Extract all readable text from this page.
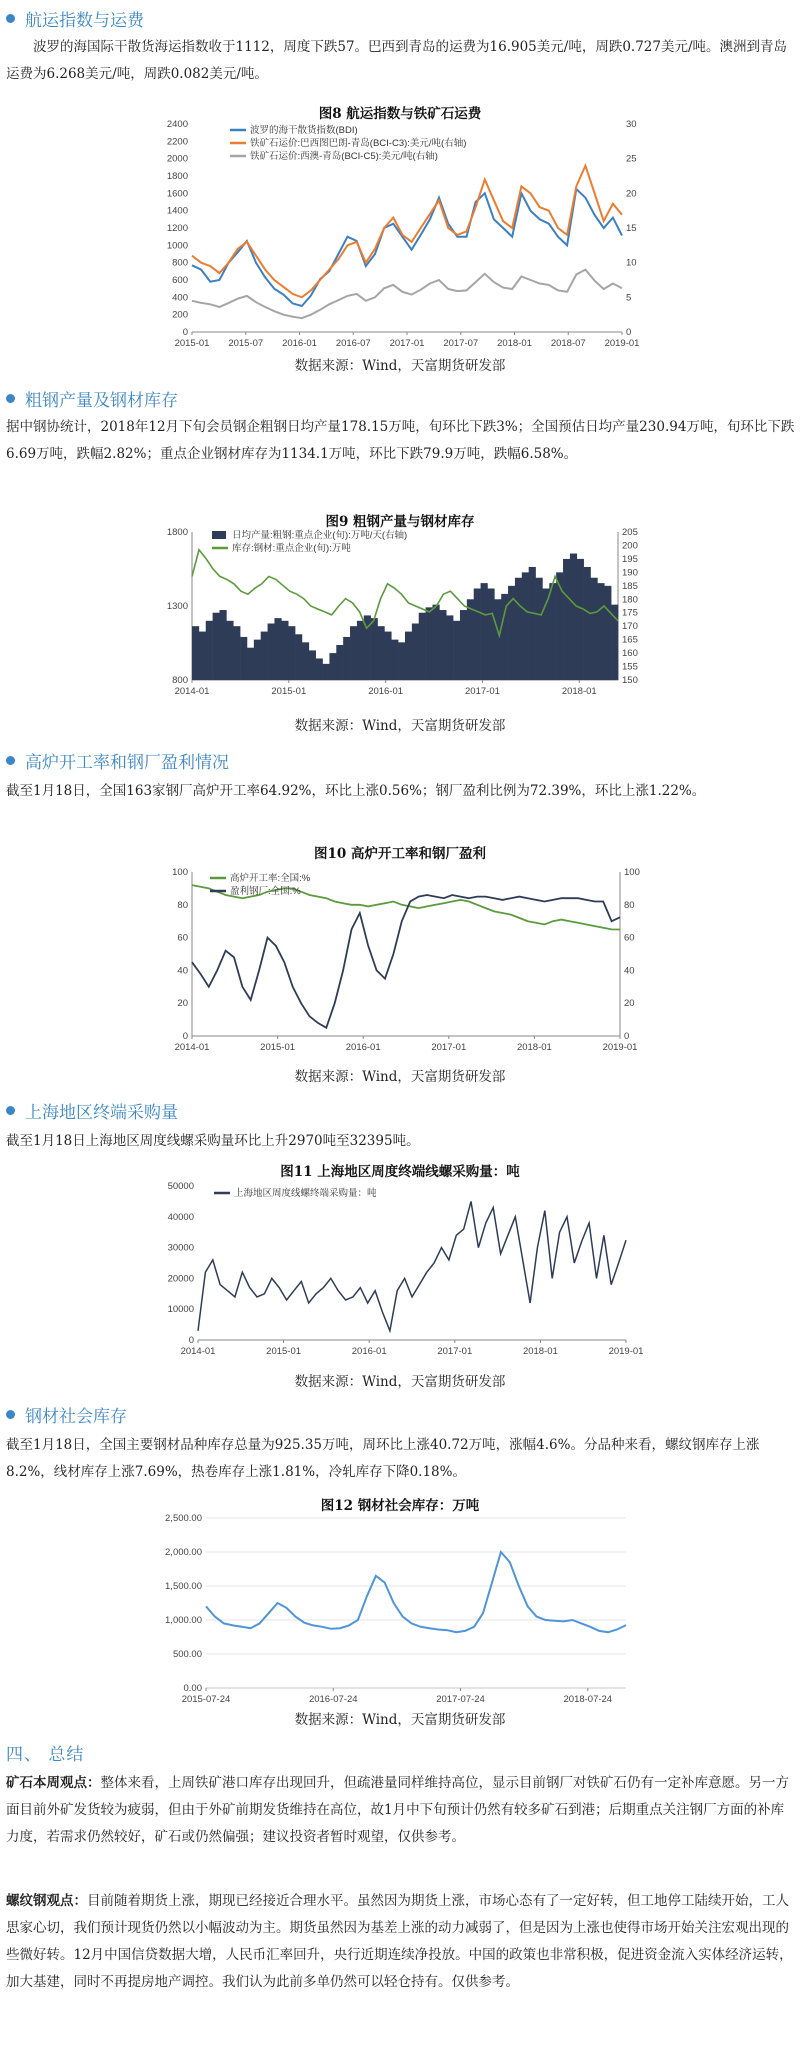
航运指数与运费
波罗的海国际干散货海运指数收于1112，周度下跌57。巴西到青岛的运费为16.905美元/吨，周跌0.727美元/吨。澳洲到青岛运费为6.268美元/吨，周跌0.082美元/吨。
图8 航运指数与铁矿石运费
0
200
400
600
800
1000
1200
1400
1600
1800
2000
2200
2400
0
5
10
15
20
25
30
2015-01 2015-07 2016-01 2016-07 2017-01 2017-07 2018-01 2018-07 2019-01
波罗的海干散货指数(BDI)
铁矿石运价:巴西图巴朗-青岛(BCI-C3):美元/吨(右轴)
铁矿石运价:西澳-青岛(BCI-C5):美元/吨(右轴)
数据来源：Wind，天富期货研发部
粗钢产量及钢材库存
据中钢协统计，2018年12月下旬会员钢企粗钢日均产量178.15万吨，旬环比下跌3%；全国预估日均产量230.94万吨，旬环比下跌6.69万吨，跌幅2.82%；重点企业钢材库存为1134.1万吨，环比下跌79.9万吨，跌幅6.58%。
图9 粗钢产量与钢材库存
800
1300
1800
150
155
160
165
170
175
180
185
190
195
200
205
2014-01	2015-01	2016-01	2017-01	2018-01
日均产量:粗钢:重点企业(旬):万吨/天(右轴)
库存:钢材:重点企业(旬):万吨
数据来源：Wind，天富期货研发部
高炉开工率和钢厂盈利情况
截至1月18日，全国163家钢厂高炉开工率64.92%，环比上涨0.56%；钢厂盈利比例为72.39%，环比上涨1.22%。
图10 高炉开工率和钢厂盈利
0
20
40
60
80
100
0
20
40
60
80
100
2014-01	2015-01	2016-01	2017-01	2018-01	2019-01
高炉开工率:全国:%
盈利钢厂:全国:%
数据来源：Wind，天富期货研发部
上海地区终端采购量
截至1月18日上海地区周度线螺采购量环比上升2970吨至32395吨。
图11 上海地区周度终端线螺采购量：吨
0
10000
20000
30000
40000
50000
2014-01	2015-01	2016-01	2017-01	2018-01	2019-01
上海地区周度线螺终端采购量：吨
数据来源：Wind，天富期货研发部
钢材社会库存
截至1月18日，全国主要钢材品种库存总量为925.35万吨，周环比上涨40.72万吨，涨幅4.6%。分品种来看，螺纹钢库存上涨8.2%，线材库存上涨7.69%，热卷库存上涨1.81%，冷轧库存下降0.18%。
图12 钢材社会库存：万吨
0.00
500.00
1,000.00
1,500.00
2,000.00
2,500.00
2015-07-24	2016-07-24	2017-07-24	2018-07-24
数据来源：Wind，天富期货研发部
四、 总结
矿石本周观点：整体来看，上周铁矿港口库存出现回升，但疏港量同样维持高位，显示目前钢厂对铁矿石仍有一定补库意愿。另一方面目前外矿发货较为疲弱，但由于外矿前期发货维持在高位，故1月中下旬预计仍然有较多矿石到港；后期重点关注钢厂方面的补库力度，若需求仍然较好，矿石或仍然偏强；建议投资者暂时观望，仅供参考。
螺纹钢观点：目前随着期货上涨，期现已经接近合理水平。虽然因为期货上涨，市场心态有了一定好转，但工地停工陆续开始，工人思家心切，我们预计现货仍然以小幅波动为主。期货虽然因为基差上涨的动力减弱了，但是因为上涨也使得市场开始关注宏观出现的些微好转。12月中国信贷数据大增，人民币汇率回升，央行近期连续净投放。中国的政策也非常积极，促进资金流入实体经济运转，加大基建，同时不再提房地产调控。我们认为此前多单仍然可以轻仓持有。仅供参考。
